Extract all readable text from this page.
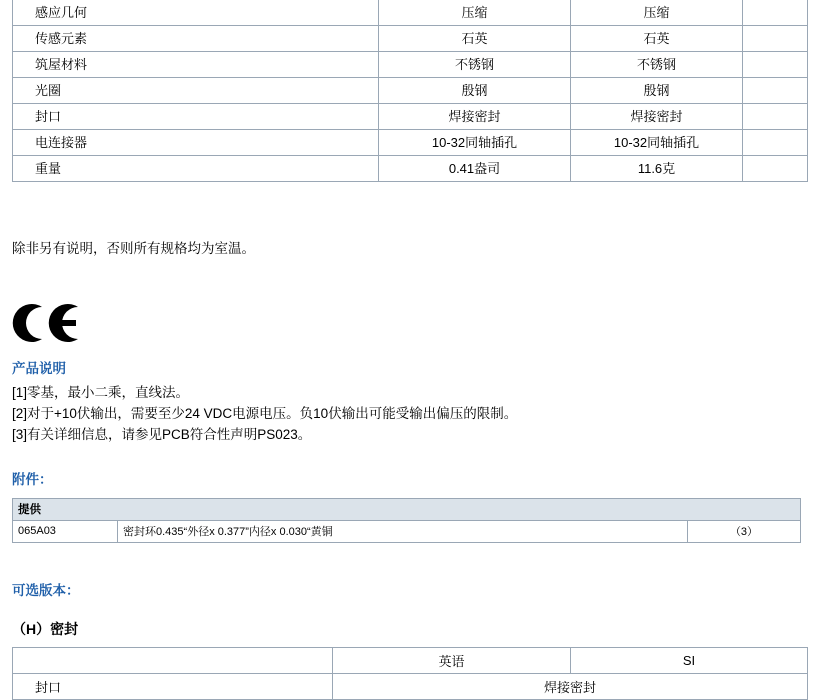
感应几何	压缩	压缩	
传感元素	石英	石英	
筑屋材料	不锈钢	不锈钢	
光圈	殷钢	殷钢	
封口	焊接密封	焊接密封	
电连接器	10-32同轴插孔	10-32同轴插孔	
重量	0.41盎司	11.6克	
除非另有说明，否则所有规格均为室温。
产品说明
[1]零基，最小二乘，直线法。
[2]对于+10伏输出，需要至少24 VDC电源电压。负10伏输出可能受输出偏压的限制。
[3]有关详细信息，请参见PCB符合性声明PS023。
附件：
提供
065A03	密封环0.435“外径x 0.377”内径x 0.030“黄铜	（3）
可选版本：
（H）密封
	英语	SI
封口	焊接密封	
